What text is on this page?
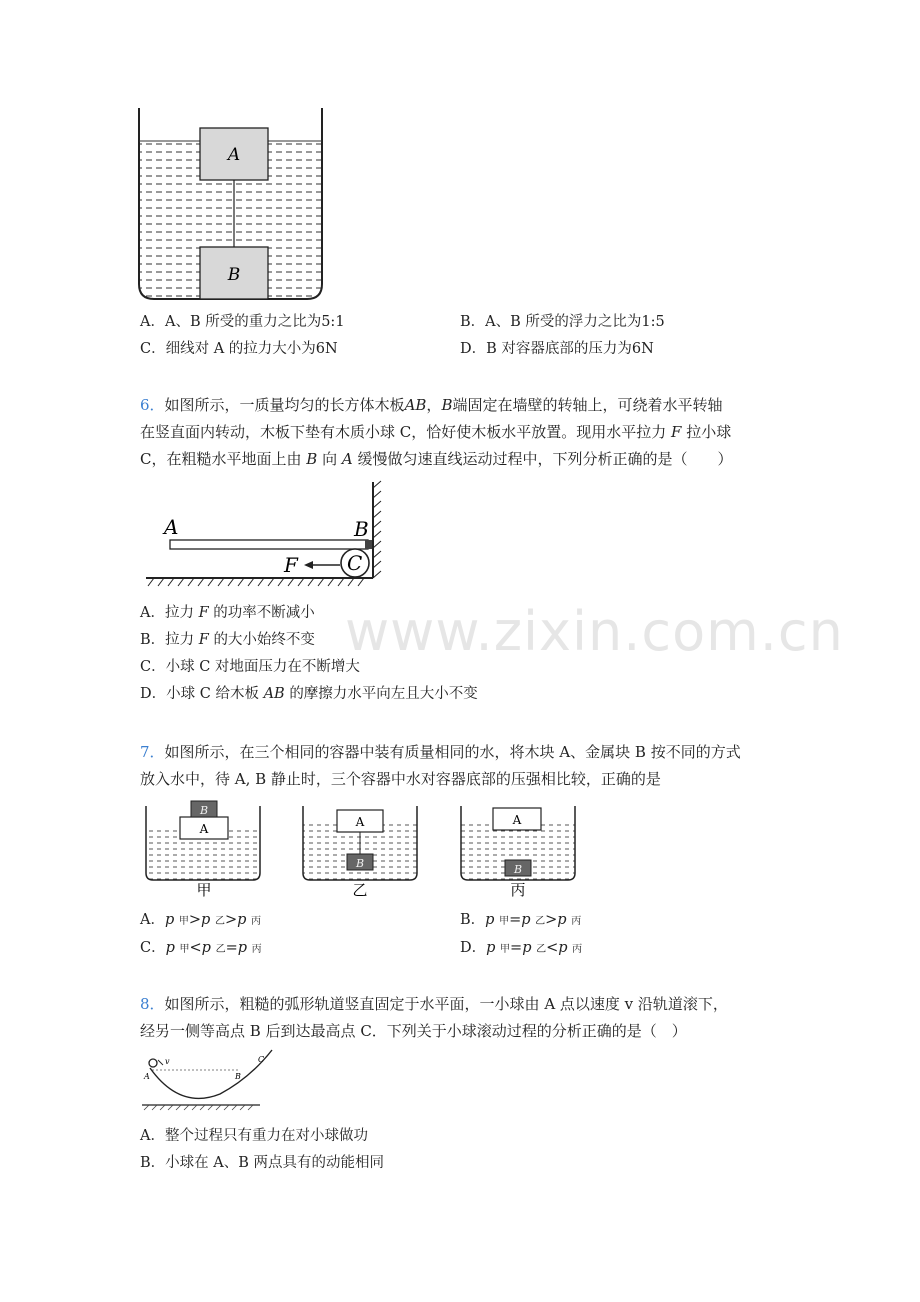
www.zixin.com.cn
A
B
A．A、B 所受的重力之比为5:1	B．A、B 所受的浮力之比为1:5
C．细线对 A 的拉力大小为6N	D．B 对容器底部的压力为6N
6．如图所示，一质量均匀的长方体木板AB，B端固定在墙壁的转轴上，可绕着水平转轴
在竖直面内转动，木板下垫有木质小球 C，恰好使木板水平放置。现用水平拉力 F 拉小球
C，在粗糙水平地面上由 B 向 A 缓慢做匀速直线运动过程中，下列分析正确的是（　　）
A	B
F C
A．拉力 F 的功率不断减小
B．拉力 F 的大小始终不变
C．小球 C 对地面压力在不断增大
D．小球 C 给木板 AB 的摩擦力水平向左且大小不变
7．如图所示，在三个相同的容器中装有质量相同的水，将木块 A、金属块 B 按不同的方式
放入水中，待 A, B 静止时，三个容器中水对容器底部的压强相比较，正确的是
A
B
A
B
A
B
甲	乙	丙
A．p 甲>p 乙>p 丙	B．p 甲=p 乙>p 丙
C．p 甲<p 乙=p 丙	D．p 甲=p 乙<p 丙
8．如图所示，粗糙的弧形轨道竖直固定于水平面，一小球由 A 点以速度 v 沿轨道滚下，
经另一侧等高点 B 后到达最高点 C．下列关于小球滚动过程的分析正确的是（　）
A
v
B
C
A．整个过程只有重力在对小球做功
B．小球在 A、B 两点具有的动能相同
